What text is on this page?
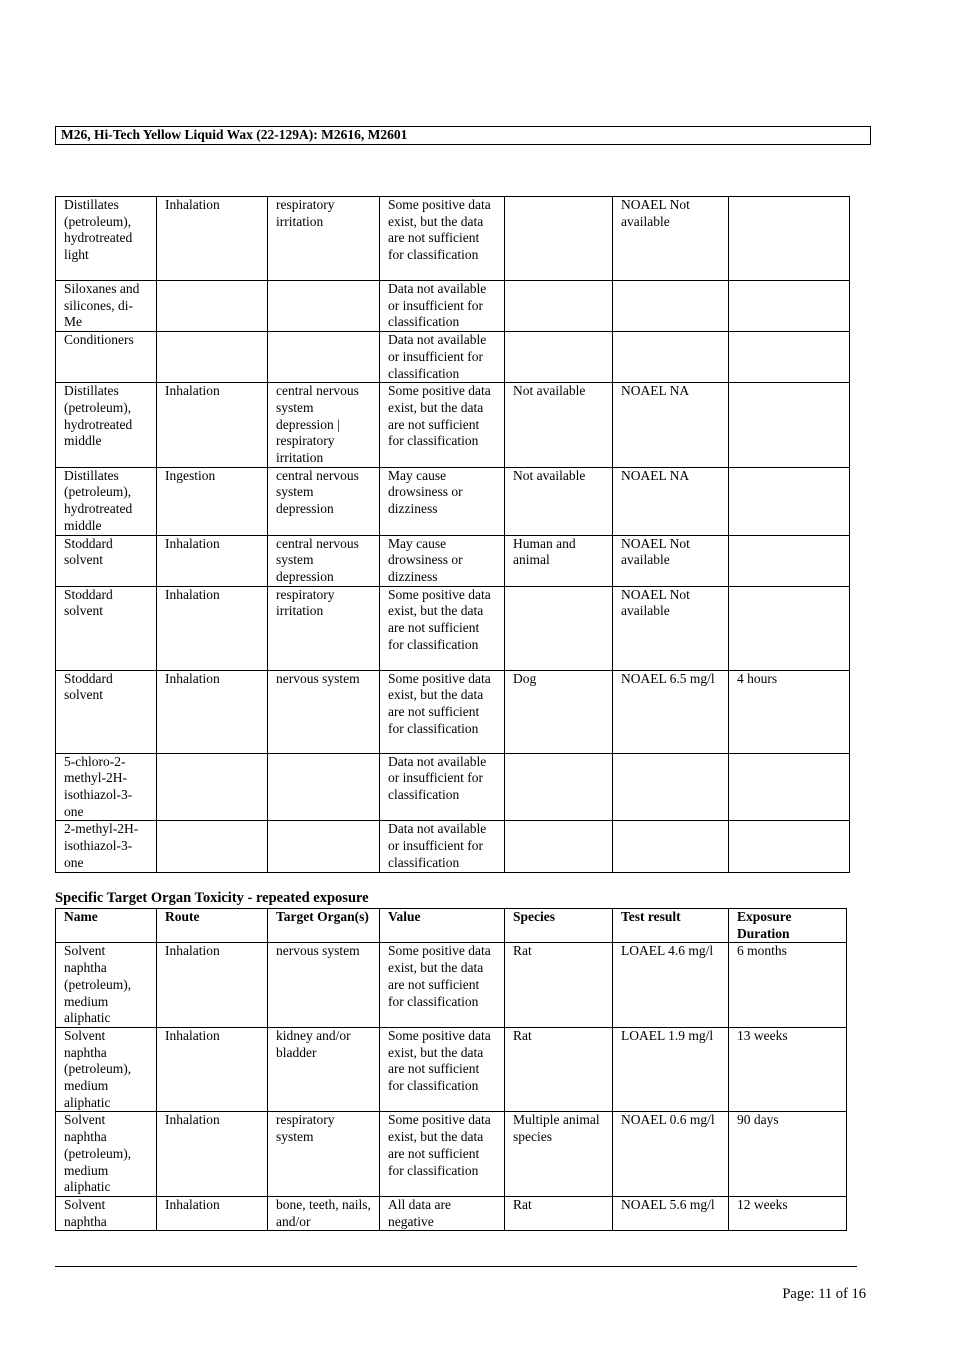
M26, Hi-Tech Yellow Liquid Wax (22-129A): M2616, M2601
Distillates (petroleum), hydrotreated light	Inhalation	respiratory irritation	Some positive data exist, but the data are not sufficient for classification		NOAEL Not available	
Siloxanes and silicones, di-Me			Data not available or insufficient for classification			
Conditioners			Data not available or insufficient for classification			
Distillates (petroleum), hydrotreated middle	Inhalation	central nervous system depression | respiratory irritation	Some positive data exist, but the data are not sufficient for classification	Not available	NOAEL NA	
Distillates (petroleum), hydrotreated middle	Ingestion	central nervous system depression	May cause drowsiness or dizziness	Not available	NOAEL NA	
Stoddard solvent	Inhalation	central nervous system depression	May cause drowsiness or dizziness	Human and animal	NOAEL Not available	
Stoddard solvent	Inhalation	respiratory irritation	Some positive data exist, but the data are not sufficient for classification		NOAEL Not available	
Stoddard solvent	Inhalation	nervous system	Some positive data exist, but the data are not sufficient for classification	Dog	NOAEL 6.5 mg/l	4 hours
5-chloro-2-methyl-2H-isothiazol-3-one			Data not available or insufficient for classification			
2-methyl-2H-isothiazol-3-one			Data not available or insufficient for classification			
Specific Target Organ Toxicity - repeated exposure
Name	Route	Target Organ(s)	Value	Species	Test result	Exposure Duration
Solvent naphtha (petroleum), medium aliphatic	Inhalation	nervous system	Some positive data exist, but the data are not sufficient for classification	Rat	LOAEL 4.6 mg/l	6 months
Solvent naphtha (petroleum), medium aliphatic	Inhalation	kidney and/or bladder	Some positive data exist, but the data are not sufficient for classification	Rat	LOAEL 1.9 mg/l	13 weeks
Solvent naphtha (petroleum), medium aliphatic	Inhalation	respiratory system	Some positive data exist, but the data are not sufficient for classification	Multiple animal species	NOAEL 0.6 mg/l	90 days
Solvent naphtha	Inhalation	bone, teeth, nails, and/or	All data are negative	Rat	NOAEL 5.6 mg/l	12 weeks
Page: 11 of 16
